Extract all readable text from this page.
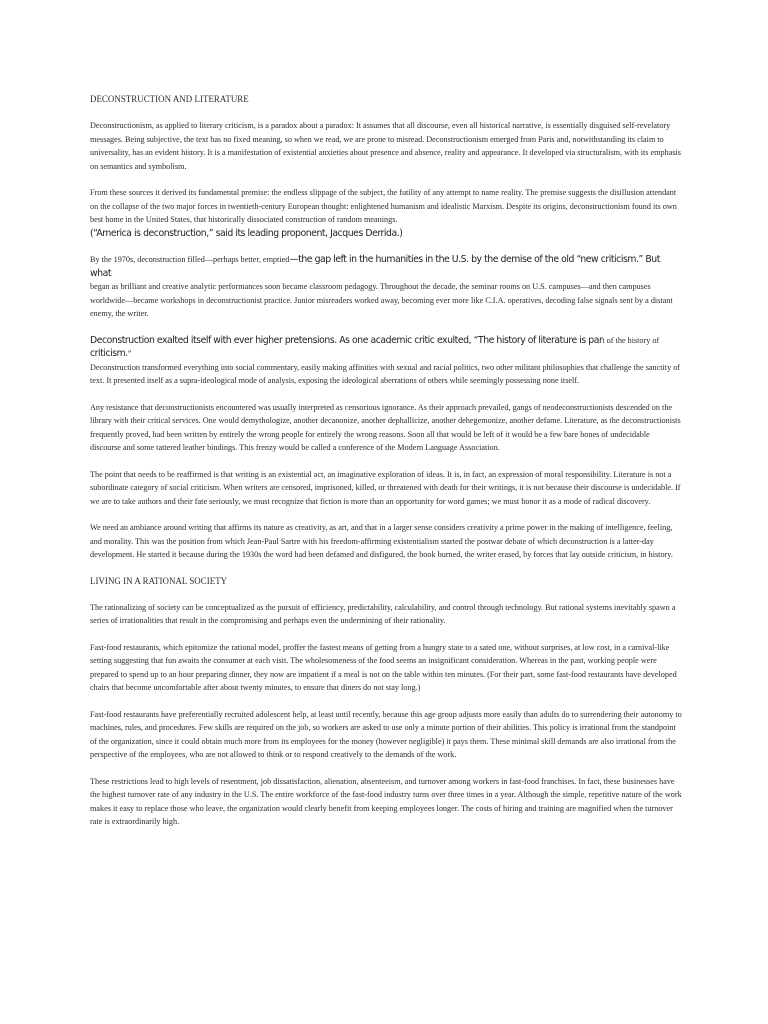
DECONSTRUCTION AND LITERATURE

Deconstructionism, as applied to literary criticism, is a paradox about a paradox: It assumes that all discourse, even all historical narrative, is essentially disguised self-revelatory messages. Being subjective, the text has no fixed meaning, so when we read, we are prone to misread. Deconstructionism emerged from Paris and, notwithstanding its claim to universality, has an evident history. It is a manifestation of existential anxieties about presence and absence, reality and appearance. It developed via structuralism, with its emphasis on semantics and symbolism.

From these sources it derived its fundamental premise: the endless slippage of the subject, the futility of any attempt to name reality. The premise suggests the disillusion attendant on the collapse of the two major forces in twentieth-century European thought: enlightened humanism and idealistic Marxism. Despite its origins, deconstructionism found its own best home in the United States, that historically dissociated construction of random meanings.
(“America is deconstruction,” said its leading proponent, Jacques Derrida.)

By the 1970s, deconstruction filled—perhaps better, emptied—the gap left in the humanities in the U.S. by the demise of the old “new criticism.” But what
began as brilliant and creative analytic performances soon became classroom pedagogy. Throughout the decade, the seminar rooms on U.S. campuses—and then campuses worldwide—became workshops in deconstructionist practice. Junior misreaders worked away, becoming ever more like C.I.A. operatives, decoding false signals sent by a distant enemy, the writer.

Deconstruction exalted itself with ever higher pretensions. As one academic critic exulted, “The history of literature is part of the history of criticism.”
Deconstruction transformed everything into social commentary, easily making affinities with sexual and racial politics, two other militant philosophies that challenge the sanctity of text. It presented itself as a supra-ideological mode of analysis, exposing the ideological aberrations of others while seemingly possessing none itself.

Any resistance that deconstructionists encountered was usually interpreted as censorious ignorance. As their approach prevailed, gangs of neodeconstructionists descended on the library with their critical services. One would demythologize, another decanonize, another dephallicize, another dehegemonize, another defame. Literature, as the deconstructionists frequently proved, had been written by entirely the wrong people for entirely the wrong reasons. Soon all that would be left of it would be a few bare bones of undecidable discourse and some tattered leather bindings. This frenzy would be called a conference of the Modern Language Association.

The point that needs to be reaffirmed is that writing is an existential act, an imaginative exploration of ideas. It is, in fact, an expression of moral responsibility. Literature is not a subordinate category of social criticism. When writers are censored, imprisoned, killed, or threatened with death for their writings, it is not because their discourse is undecidable. If we are to take authors and their fate seriously, we must recognize that fiction is more than an opportunity for word games; we must honor it as a mode of radical discovery.

We need an ambiance around writing that affirms its nature as creativity, as art, and that in a larger sense considers creativity a prime power in the making of intelligence, feeling, and morality. This was the position from which Jean-Paul Sartre with his freedom-affirming existentialism started the postwar debate of which deconstruction is a latter-day development. He started it because during the 1930s the word had been defamed and disfigured, the book burned, the writer erased, by forces that lay outside criticism, in history.

LIVING IN A RATIONAL SOCIETY

The rationalizing of society can be conceptualized as the pursuit of efficiency, predictability, calculability, and control through technology. But rational systems inevitably spawn a series of irrationalities that result in the compromising and perhaps even the undermining of their rationality.

Fast-food restaurants, which epitomize the rational model, proffer the fastest means of getting from a hungry state to a sated one, without surprises, at low cost, in a carnival-like setting suggesting that fun awaits the consumer at each visit. The wholesomeness of the food seems an insignificant consideration. Whereas in the past, working people were prepared to spend up to an hour preparing dinner, they now are impatient if a meal is not on the table within ten minutes. (For their part, some fast-food restaurants have developed chairs that become uncomfortable after about twenty minutes, to ensure that diners do not stay long.)

Fast-food restaurants have preferentially recruited adolescent help, at least until recently, because this age group adjusts more easily than adults do to surrendering their autonomy to machines, rules, and procedures. Few skills are required on the job, so workers are asked to use only a minute portion of their abilities. This policy is irrational from the standpoint of the organization, since it could obtain much more from its employees for the money (however negligible) it pays them. These minimal skill demands are also irrational from the perspective of the employees, who are not allowed to think or to respond creatively to the demands of the work.

These restrictions lead to high levels of resentment, job dissatisfaction, alienation, absenteeism, and turnover among workers in fast-food franchises. In fact, these businesses have the highest turnover rate of any industry in the U.S. The entire workforce of the fast-food industry turns over three times in a year. Although the simple, repetitive nature of the work makes it easy to replace those who leave, the organization would clearly benefit from keeping employees longer. The costs of hiring and training are magnified when the turnover rate is extraordinarily high.
